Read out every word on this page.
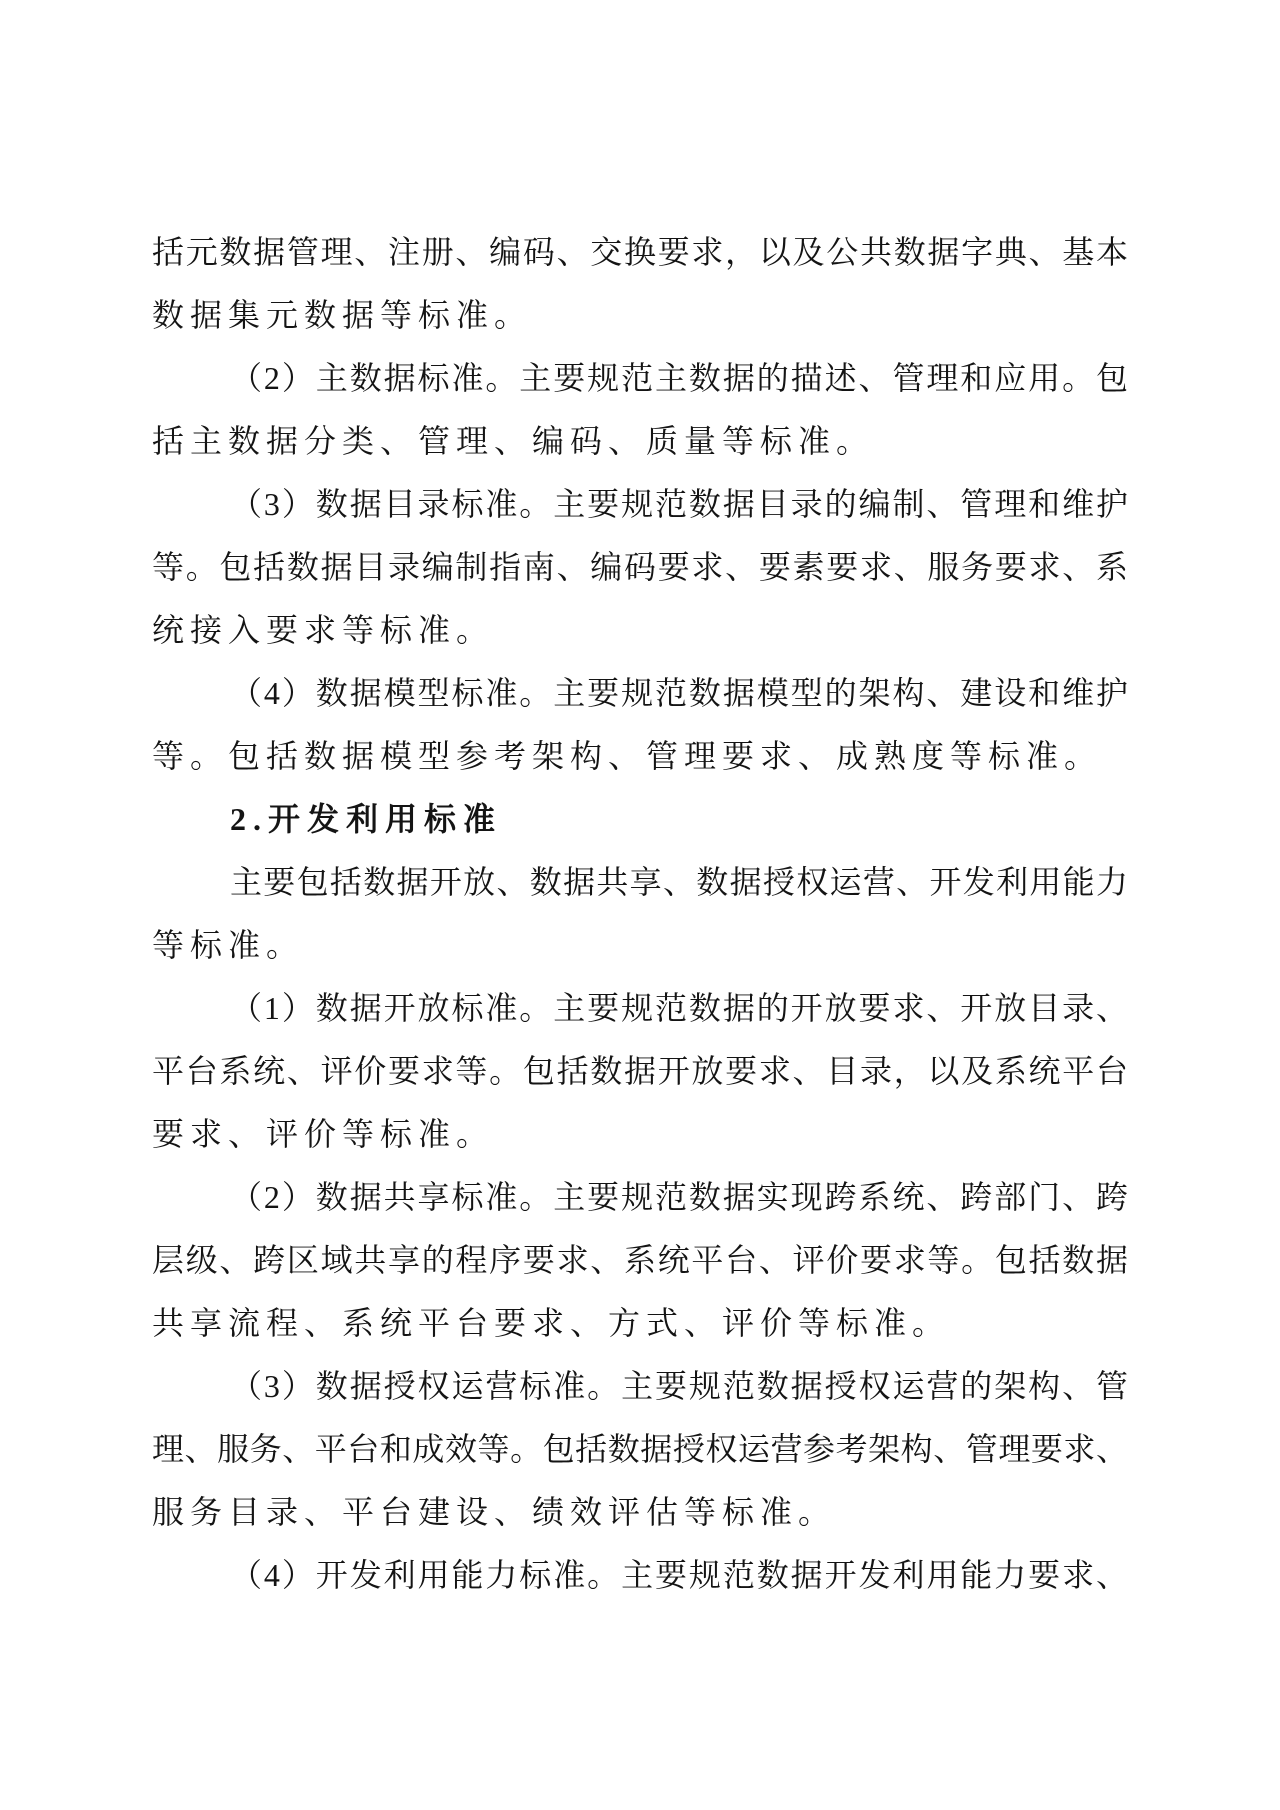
括元数据管理、注册、编码、交换要求，以及公共数据字典、基本
数据集元数据等标准。
（2）主数据标准。主要规范主数据的描述、管理和应用。包
括主数据分类、管理、编码、质量等标准。
（3）数据目录标准。主要规范数据目录的编制、管理和维护
等。包括数据目录编制指南、编码要求、要素要求、服务要求、系
统接入要求等标准。
（4）数据模型标准。主要规范数据模型的架构、建设和维护
等。包括数据模型参考架构、管理要求、成熟度等标准。
2.开发利用标准
主要包括数据开放、数据共享、数据授权运营、开发利用能力
等标准。
（1）数据开放标准。主要规范数据的开放要求、开放目录、
平台系统、评价要求等。包括数据开放要求、目录，以及系统平台
要求、评价等标准。
（2）数据共享标准。主要规范数据实现跨系统、跨部门、跨
层级、跨区域共享的程序要求、系统平台、评价要求等。包括数据
共享流程、系统平台要求、方式、评价等标准。
（3）数据授权运营标准。主要规范数据授权运营的架构、管
理、服务、平台和成效等。包括数据授权运营参考架构、管理要求、
服务目录、平台建设、绩效评估等标准。
（4）开发利用能力标准。主要规范数据开发利用能力要求、
